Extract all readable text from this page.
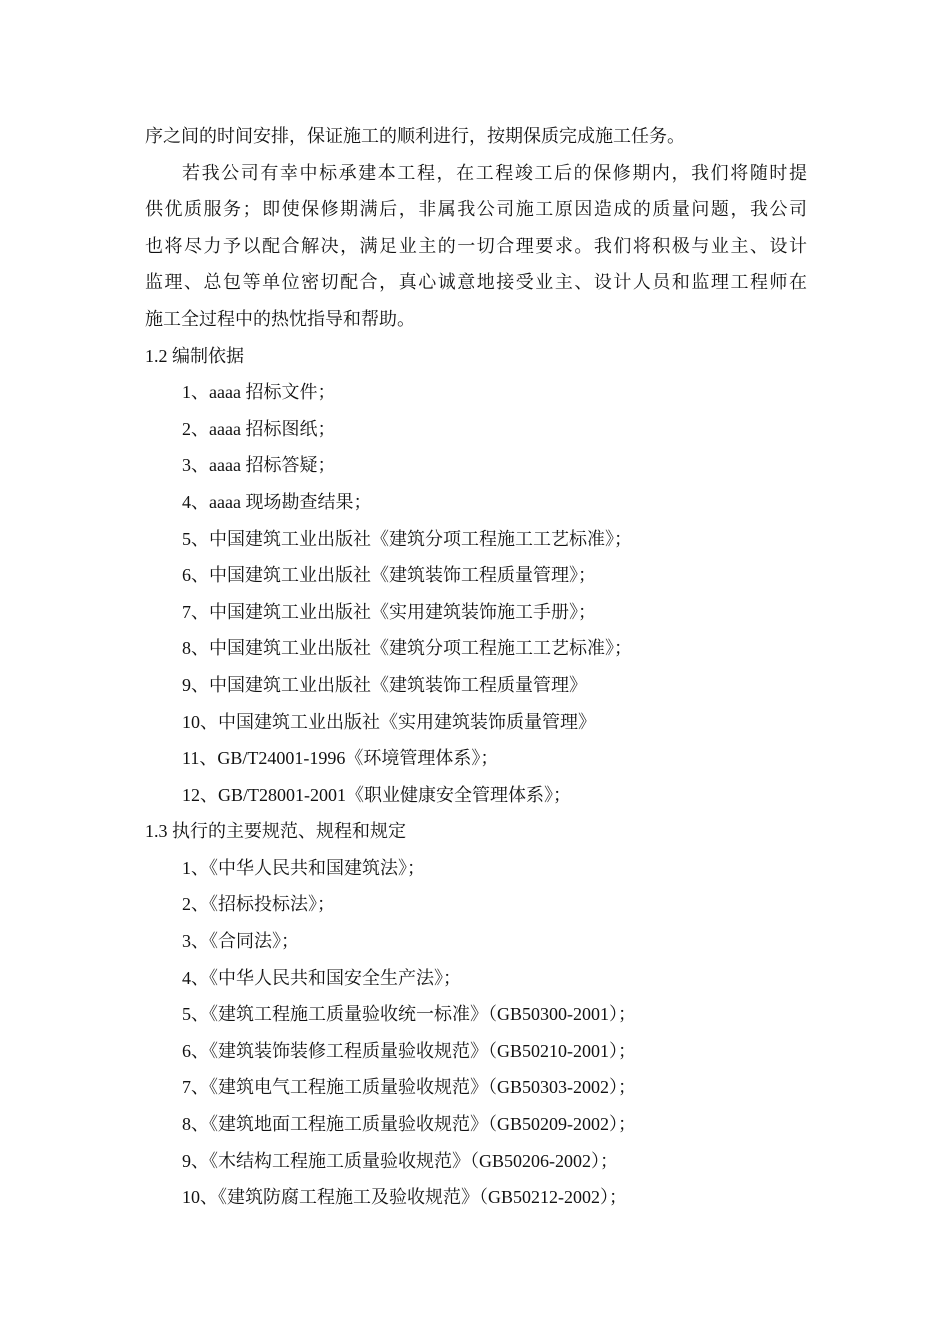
序之间的时间安排，保证施工的顺利进行，按期保质完成施工任务。
若我公司有幸中标承建本工程，在工程竣工后的保修期内，我们将随时提
供优质服务；即使保修期满后，非属我公司施工原因造成的质量问题，我公司
也将尽力予以配合解决，满足业主的一切合理要求。我们将积极与业主、设计
监理、总包等单位密切配合，真心诚意地接受业主、设计人员和监理工程师在
施工全过程中的热忱指导和帮助。
1.2 编制依据
1、aaaa 招标文件；
2、aaaa 招标图纸；
3、aaaa 招标答疑；
4、aaaa 现场勘查结果；
5、中国建筑工业出版社《建筑分项工程施工工艺标准》；
6、中国建筑工业出版社《建筑装饰工程质量管理》；
7、中国建筑工业出版社《实用建筑装饰施工手册》；
8、中国建筑工业出版社《建筑分项工程施工工艺标准》；
9、中国建筑工业出版社《建筑装饰工程质量管理》
10、中国建筑工业出版社《实用建筑装饰质量管理》
11、GB/T24001-1996《环境管理体系》；
12、GB/T28001-2001《职业健康安全管理体系》；
1.3 执行的主要规范、规程和规定
1、《中华人民共和国建筑法》；
2、《招标投标法》；
3、《合同法》；
4、《中华人民共和国安全生产法》；
5、《建筑工程施工质量验收统一标准》（GB50300-2001）；
6、《建筑装饰装修工程质量验收规范》（GB50210-2001）；
7、《建筑电气工程施工质量验收规范》（GB50303-2002）；
8、《建筑地面工程施工质量验收规范》（GB50209-2002）；
9、《木结构工程施工质量验收规范》（GB50206-2002）；
10、《建筑防腐工程施工及验收规范》（GB50212-2002）；
